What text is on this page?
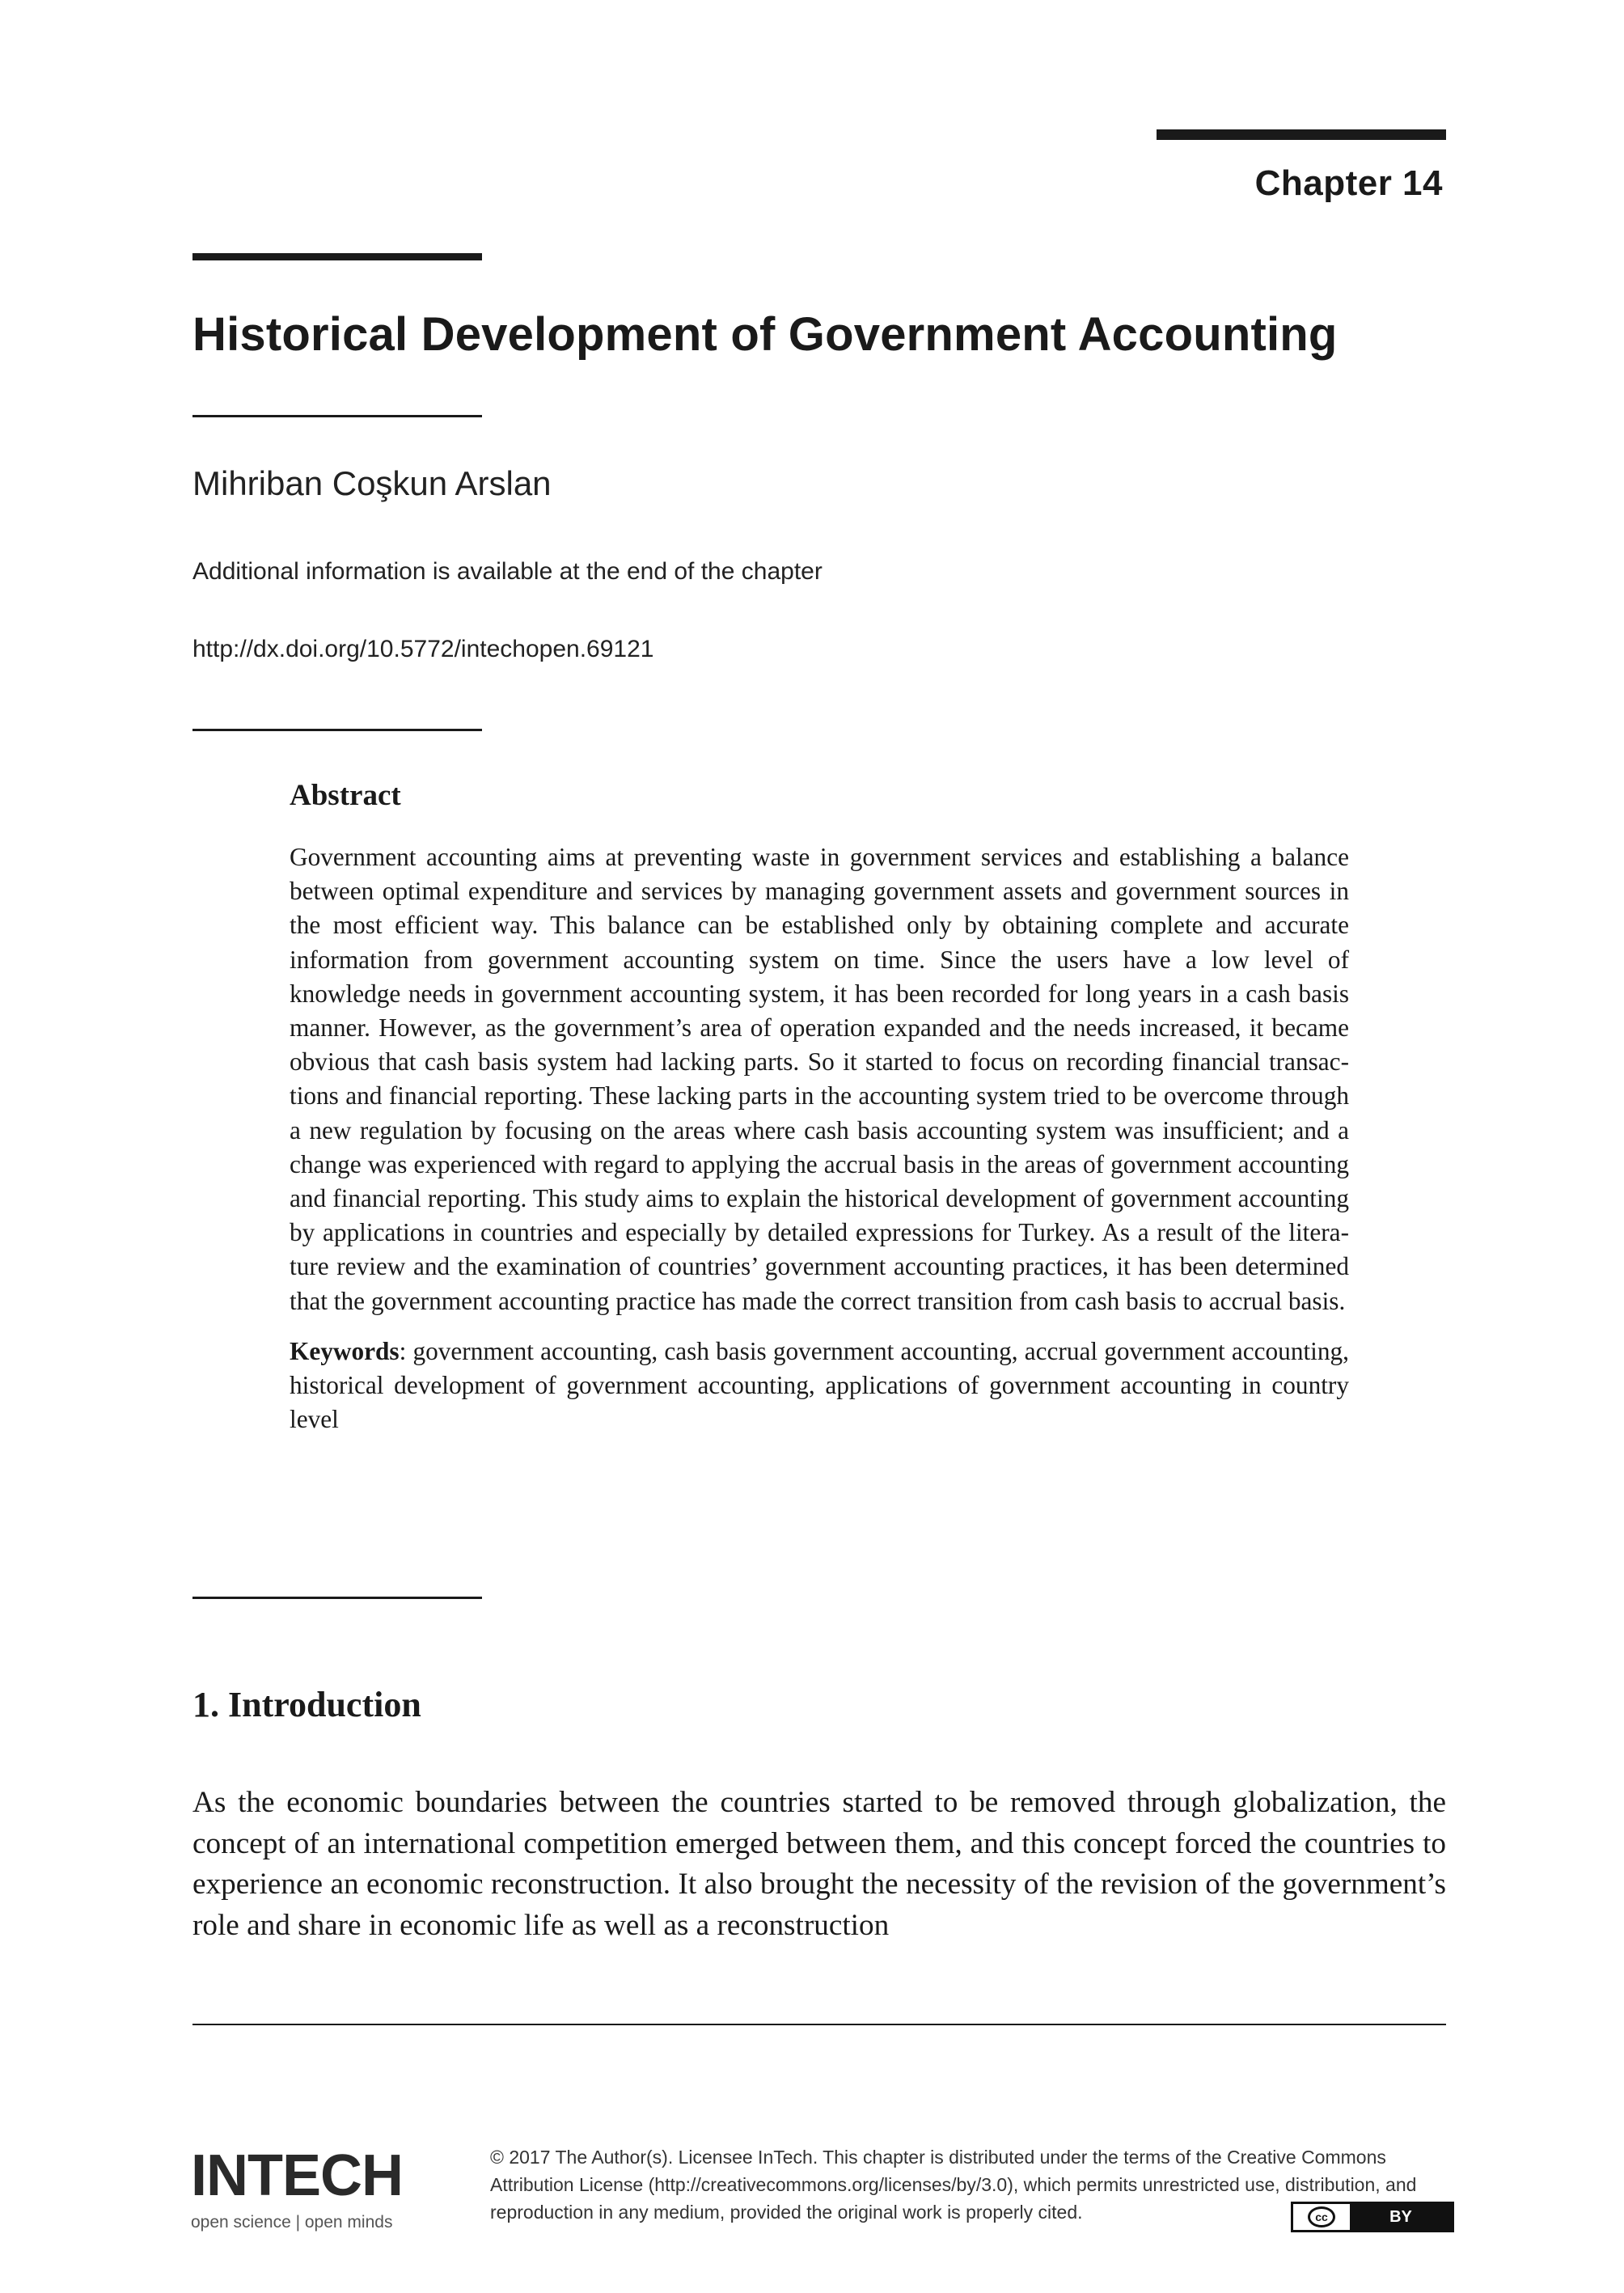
Chapter 14
Historical Development of Government Accounting
Mihriban Coşkun Arslan
Additional information is available at the end of the chapter
http://dx.doi.org/10.5772/intechopen.69121
Abstract

Government accounting aims at preventing waste in government services and establishing a balance between optimal expenditure and services by managing government assets and government sources in the most efficient way. This balance can be established only by obtaining complete and accurate information from government accounting system on time. Since the users have a low level of knowledge needs in government accounting system, it has been recorded for long years in a cash basis manner. However, as the government’s area of operation expanded and the needs increased, it became obvious that cash basis system had lacking parts. So it started to focus on recording financial transactions and financial reporting. These lacking parts in the accounting system tried to be overcome through a new regulation by focusing on the areas where cash basis accounting system was insufficient; and a change was experienced with regard to applying the accrual basis in the areas of government accounting and financial reporting. This study aims to explain the historical development of government accounting by applications in countries and especially by detailed expressions for Turkey. As a result of the literature review and the examination of countries’ government accounting practices, it has been determined that the government accounting practice has made the correct transition from cash basis to accrual basis.

Keywords: government accounting, cash basis government accounting, accrual government accounting, historical development of government accounting, applications of government accounting in country level
1. Introduction

As the economic boundaries between the countries started to be removed through globalization, the concept of an international competition emerged between them, and this concept forced the countries to experience an economic reconstruction. It also brought the necessity of the revision of the government’s role and share in economic life as well as a reconstruction

INTECH
open science | open minds

© 2017 The Author(s). Licensee InTech. This chapter is distributed under the terms of the Creative Commons Attribution License (http://creativecommons.org/licenses/by/3.0), which permits unrestricted use, distribution, and reproduction in any medium, provided the original work is properly cited.	cc	BY
